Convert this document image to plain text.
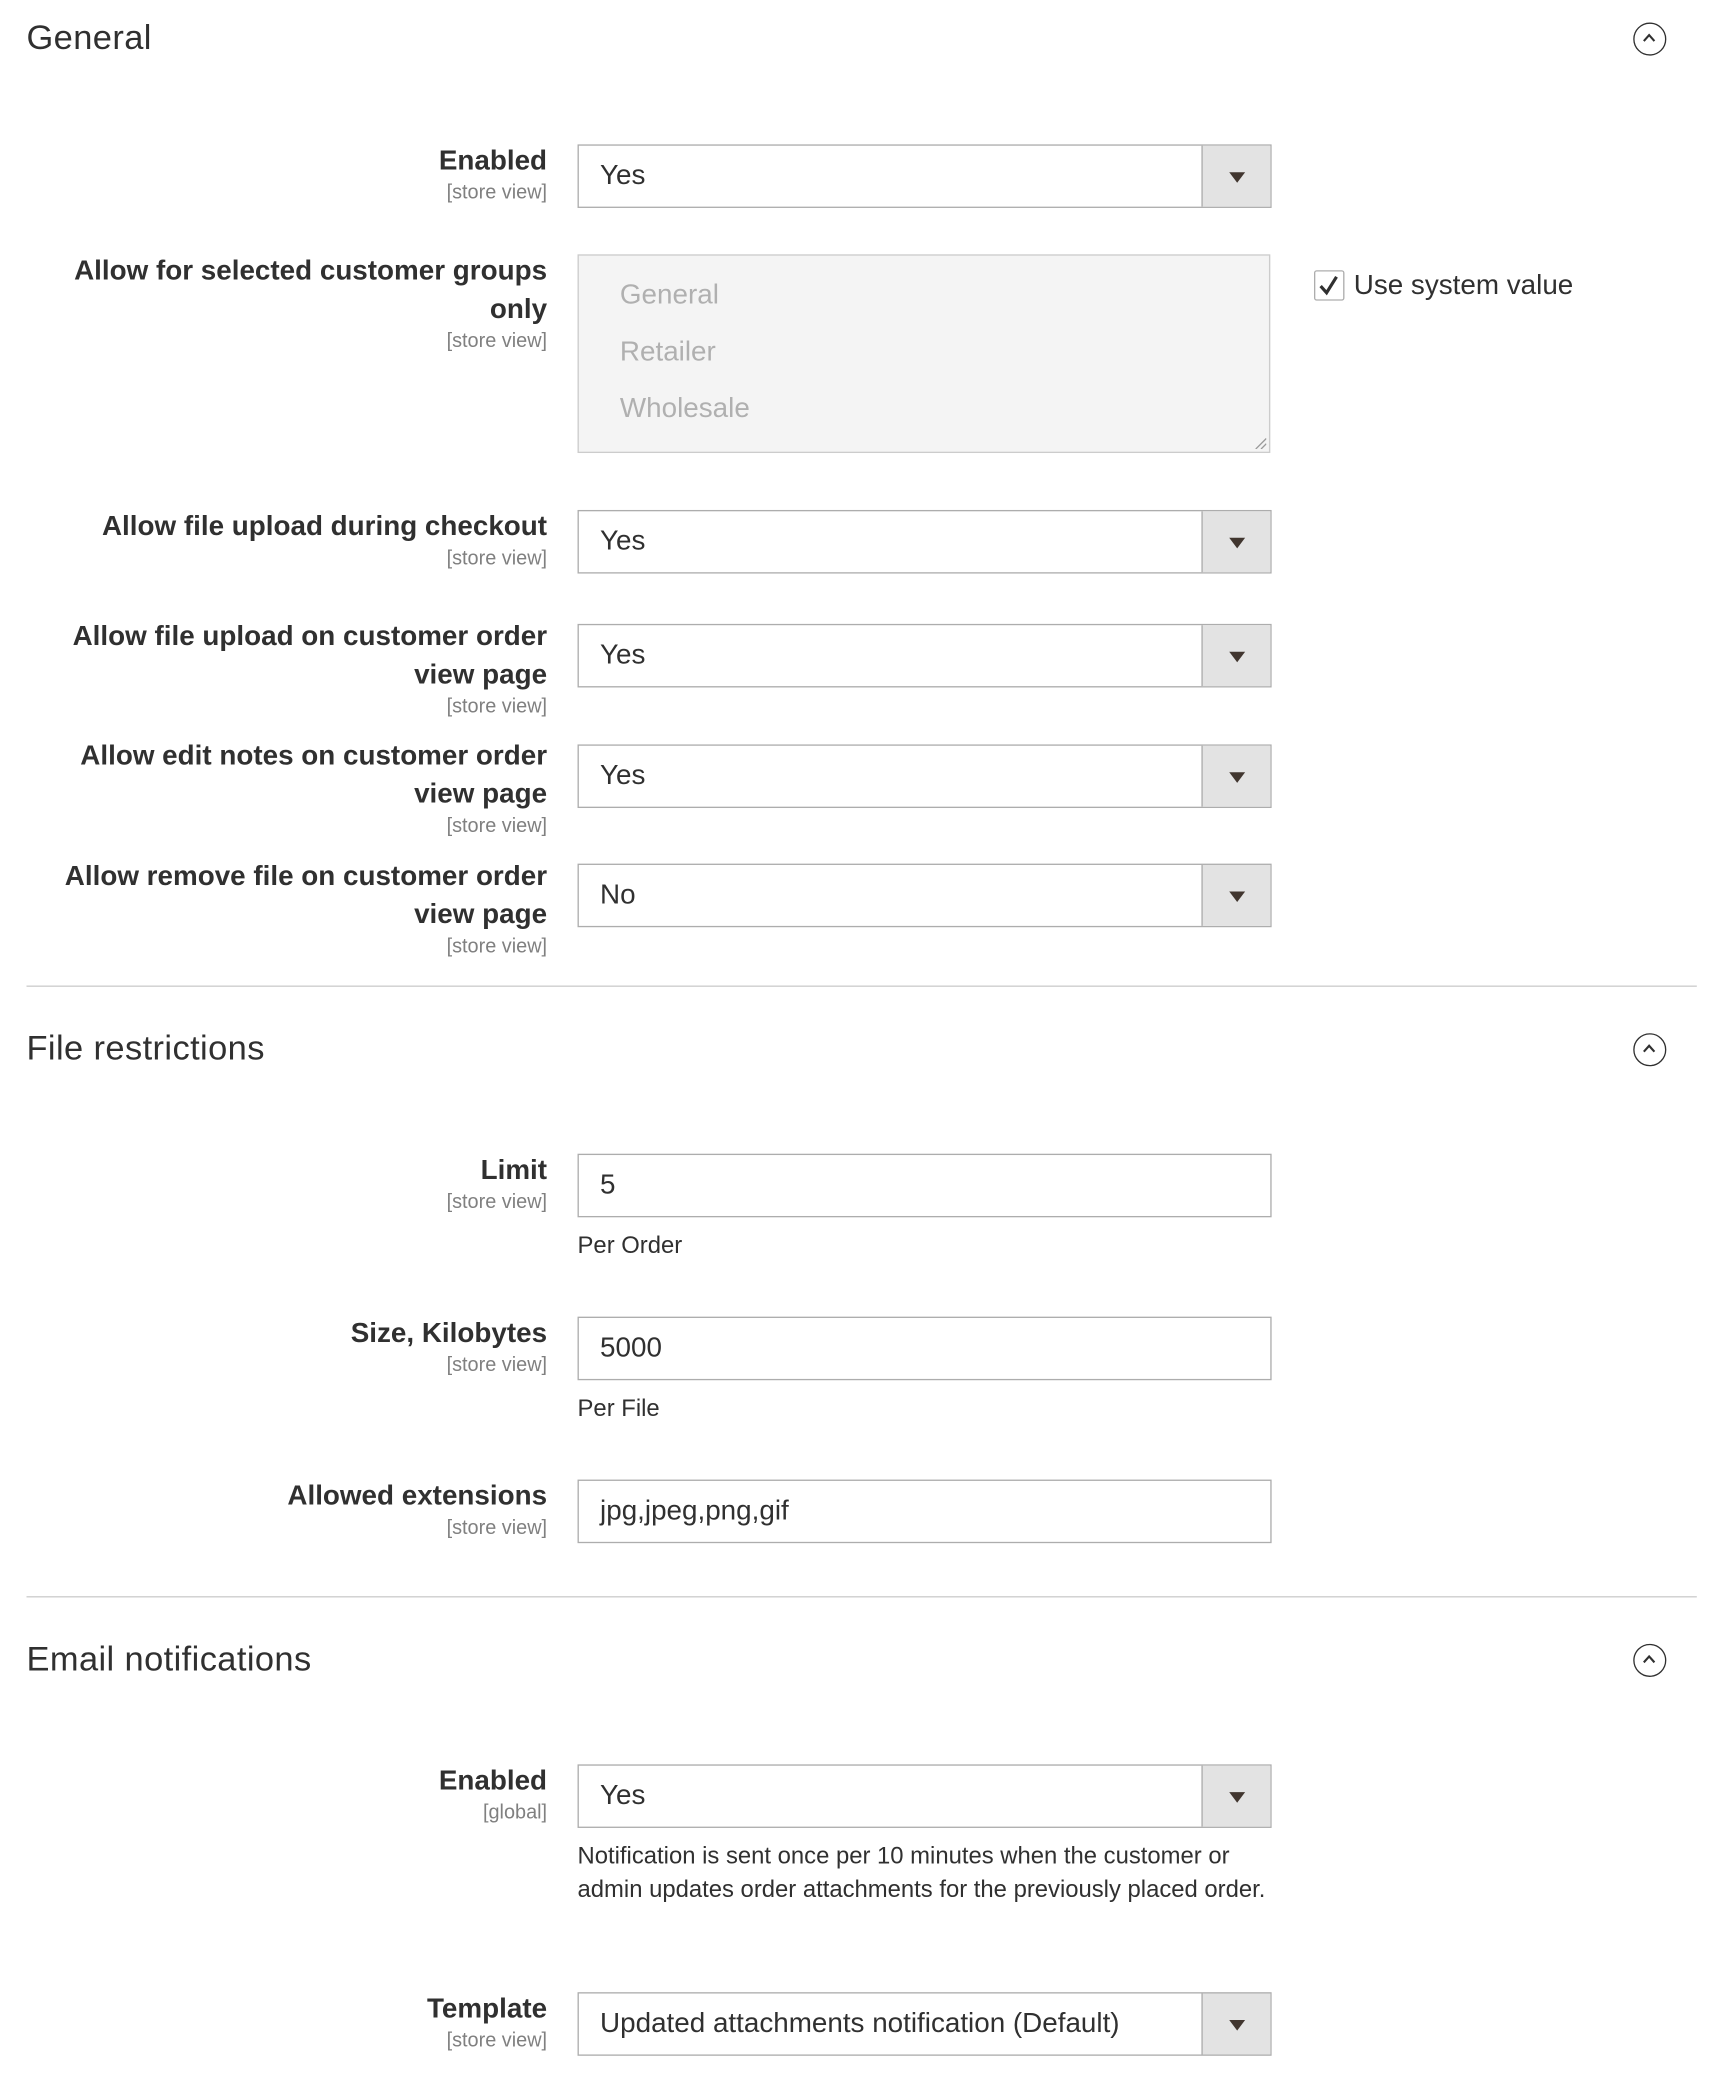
General
Enabled
[store view]
Yes
Allow for selected customer groups
only
[store view]
General
Retailer
Wholesale
Use system value
Allow file upload during checkout
[store view]
Yes
Allow file upload on customer order
view page
[store view]
Yes
Allow edit notes on customer order
view page
[store view]
Yes
Allow remove file on customer order
view page
[store view]
No
File restrictions
Limit
[store view]
5
Per Order
Size, Kilobytes
[store view]
5000
Per File
Allowed extensions
[store view]
jpg,jpeg,png,gif
Email notifications
Enabled
[global]
Yes
Notification is sent once per 10 minutes when the customer or admin updates order attachments for the previously placed order.
Template
[store view]
Updated attachments notification (Default)
